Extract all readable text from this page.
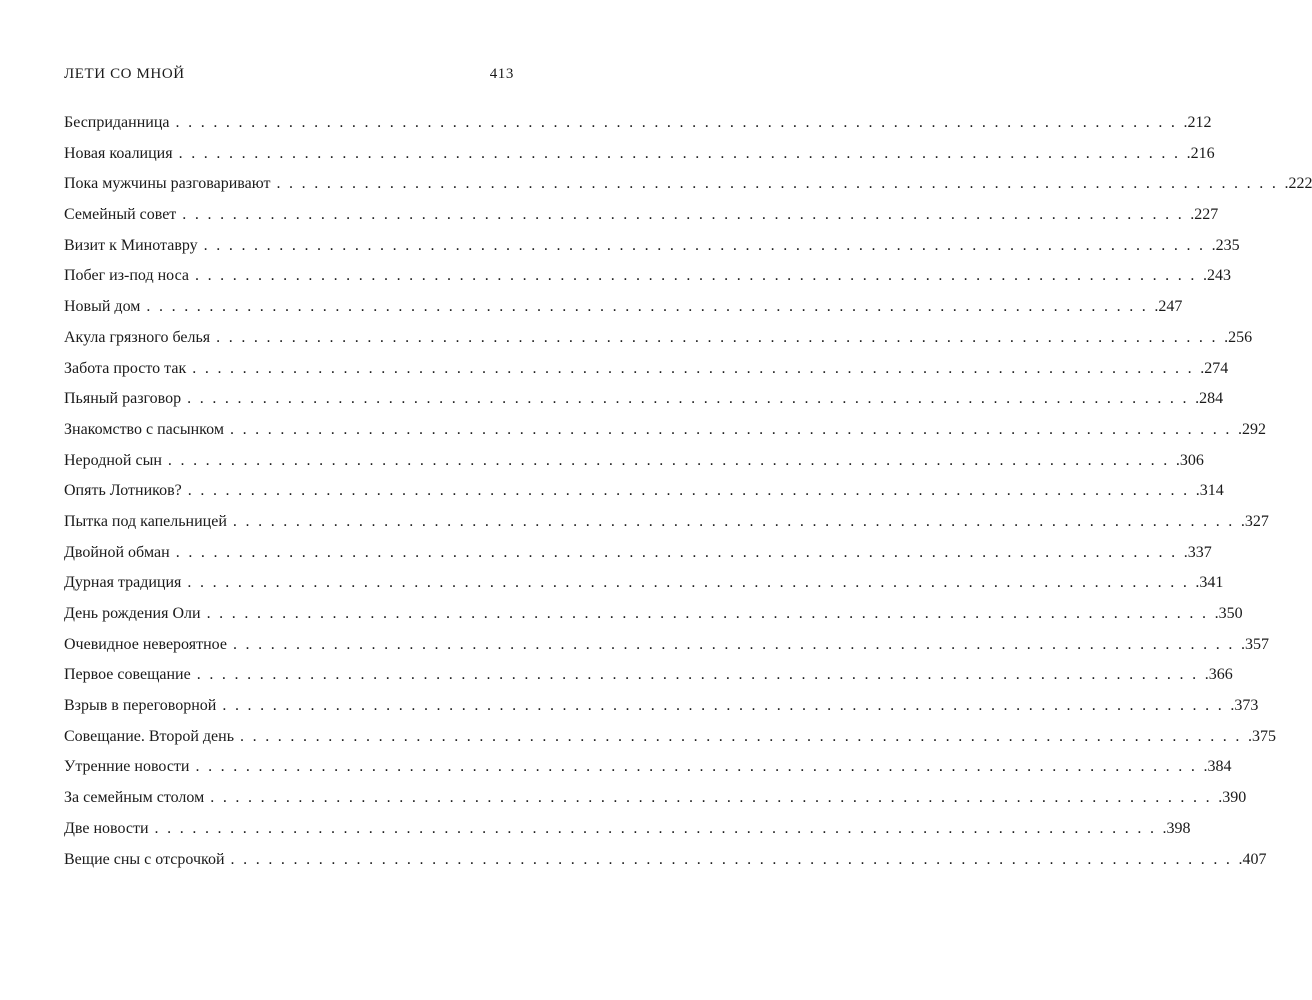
ЛЕТИ СО МНОЙ	413
Бесприданница ................................................................................ .212
Новая коалиция ................................................................................ .216
Пока мужчины разговаривают ................................................................................ .222
Семейный совет ................................................................................ .227
Визит к Минотавру ................................................................................ .235
Побег из-под носа ................................................................................ .243
Новый дом ................................................................................ .247
Акула грязного белья ................................................................................ .256
Забота просто так ................................................................................ .274
Пьяный разговор ................................................................................ .284
Знакомство с пасынком ................................................................................ .292
Неродной сын ................................................................................ .306
Опять Лотников? ................................................................................ .314
Пытка под капельницей ................................................................................ .327
Двойной обман ................................................................................ .337
Дурная традиция ................................................................................ .341
День рождения Оли ................................................................................ .350
Очевидное невероятное ................................................................................ .357
Первое совещание ................................................................................ .366
Взрыв в переговорной ................................................................................ .373
Совещание. Второй день ................................................................................ .375
Утренние новости ................................................................................ .384
За семейным столом ................................................................................ .390
Две новости ................................................................................ .398
Вещие сны с отсрочкой ................................................................................ .407
